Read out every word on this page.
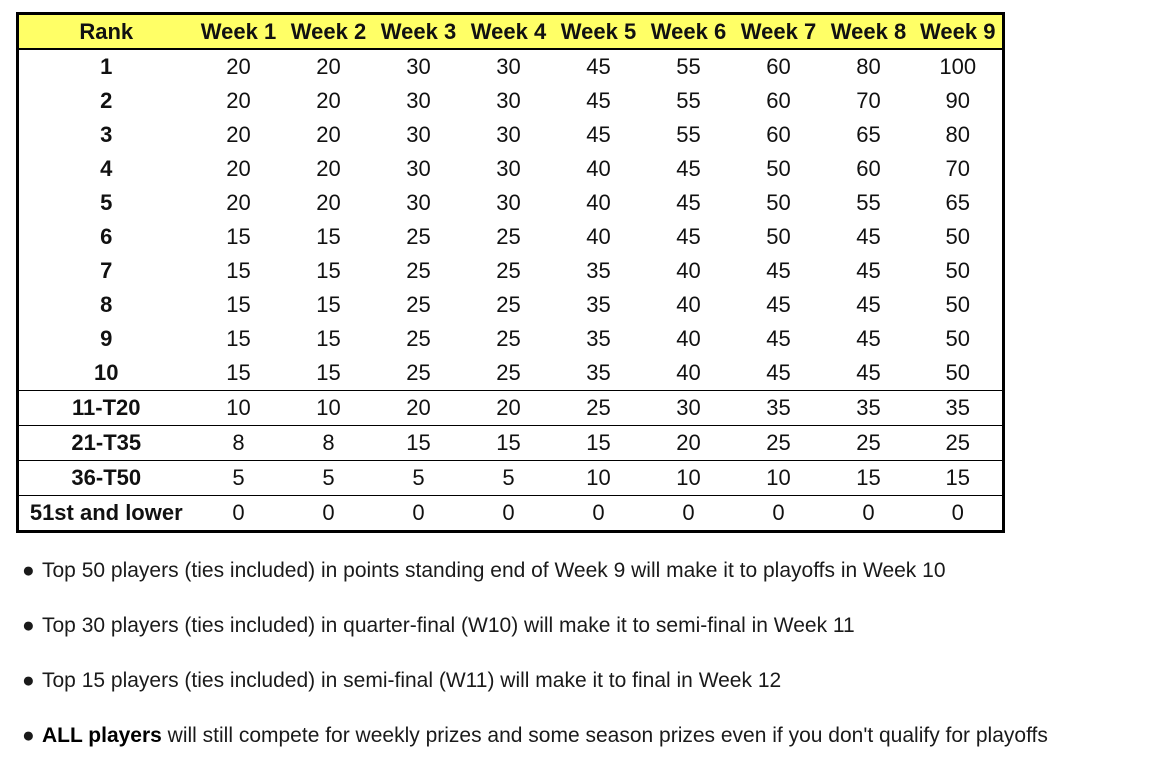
Rank	Week 1	Week 2	Week 3	Week 4	Week 5	Week 6	Week 7	Week 8	Week 9
1	20	20	30	30	45	55	60	80	100
2	20	20	30	30	45	55	60	70	90
3	20	20	30	30	45	55	60	65	80
4	20	20	30	30	40	45	50	60	70
5	20	20	30	30	40	45	50	55	65
6	15	15	25	25	40	45	50	45	50
7	15	15	25	25	35	40	45	45	50
8	15	15	25	25	35	40	45	45	50
9	15	15	25	25	35	40	45	45	50
10	15	15	25	25	35	40	45	45	50
11-T20	10	10	20	20	25	30	35	35	35
21-T35	8	8	15	15	15	20	25	25	25
36-T50	5	5	5	5	10	10	10	15	15
51st and lower	0	0	0	0	0	0	0	0	0
● Top 50 players (ties included) in points standing end of Week 9 will make it to playoffs in Week 10
● Top 30 players (ties included) in quarter-final (W10) will make it to semi-final in Week 11
● Top 15 players (ties included) in semi-final (W11) will make it to final in Week 12
● ALL players will still compete for weekly prizes and some season prizes even if you don't qualify for playoffs
